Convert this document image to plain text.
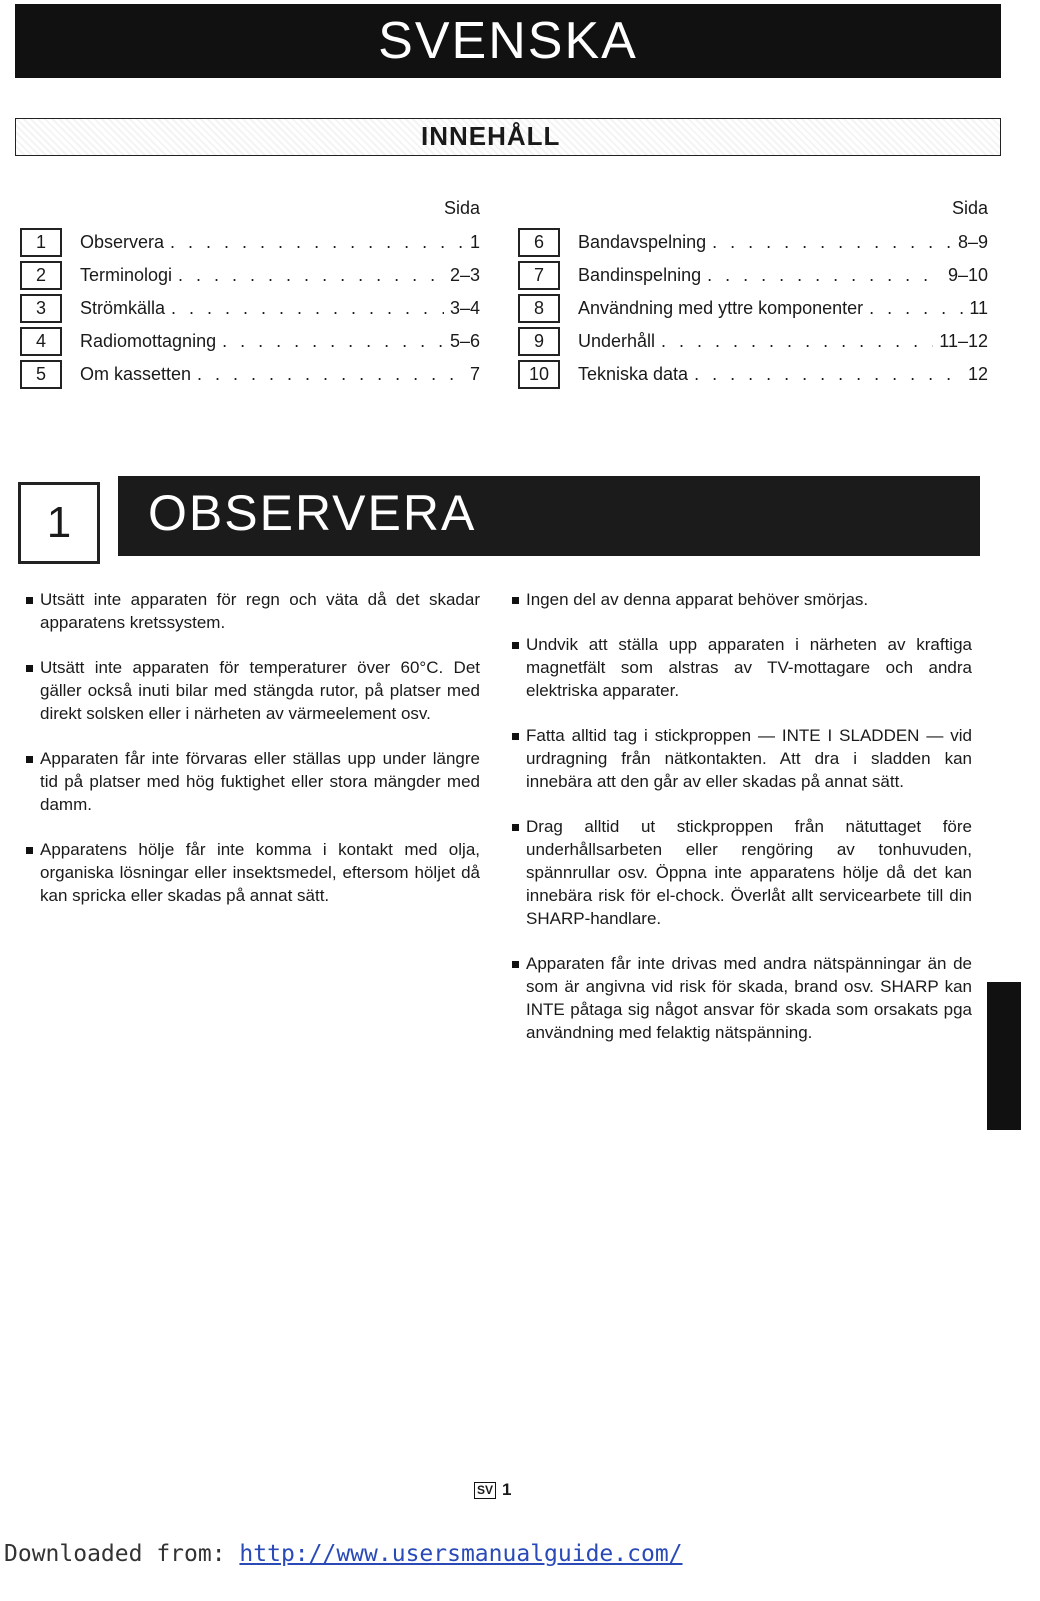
SVENSKA
INNEHÅLL
Sida
1	Observera . . .	1
2	Terminologi . . .	2–3
3	Strömkälla . . .	3–4
4	Radiomottagning . . .	5–6
5	Om kassetten . . .	7
Sida
6	Bandavspelning . . .	8–9
7	Bandinspelning . . .	9–10
8	Användning med yttre komponenter . . .	11
9	Underhåll . . .	11–12
10	Tekniska data . . .	12
1	OBSERVERA
Utsätt inte apparaten för regn och väta då det skadar apparatens kretssystem.
Utsätt inte apparaten för temperaturer över 60°C. Det gäller också inuti bilar med stängda rutor, på platser med direkt solsken eller i närheten av värmeelement osv.
Apparaten får inte förvaras eller ställas upp under längre tid på platser med hög fuktighet eller stora mängder med damm.
Apparatens hölje får inte komma i kontakt med olja, organiska lösningar eller insektsmedel, eftersom höljet då kan spricka eller skadas på annat sätt.
Ingen del av denna apparat behöver smörjas.
Undvik att ställa upp apparaten i närheten av kraftiga magnetfält som alstras av TV-mottagare och andra elektriska apparater.
Fatta alltid tag i stickproppen — INTE I SLADDEN — vid urdragning från nätkontakten. Att dra i sladden kan innebära att den går av eller skadas på annat sätt.
Drag alltid ut stickproppen från nätuttaget före underhållsarbeten eller rengöring av tonhuvuden, spännrullar osv. Öppna inte apparatens hölje då det kan innebära risk för el-chock. Överlåt allt servicearbete till din SHARP-handlare.
Apparaten får inte drivas med andra nätspänningar än de som är angivna vid risk för skada, brand osv. SHARP kan INTE påtaga sig något ansvar för skada som orsakats pga användning med felaktig nätspänning.
SV 1
Downloaded from: http://www.usersmanualguide.com/
